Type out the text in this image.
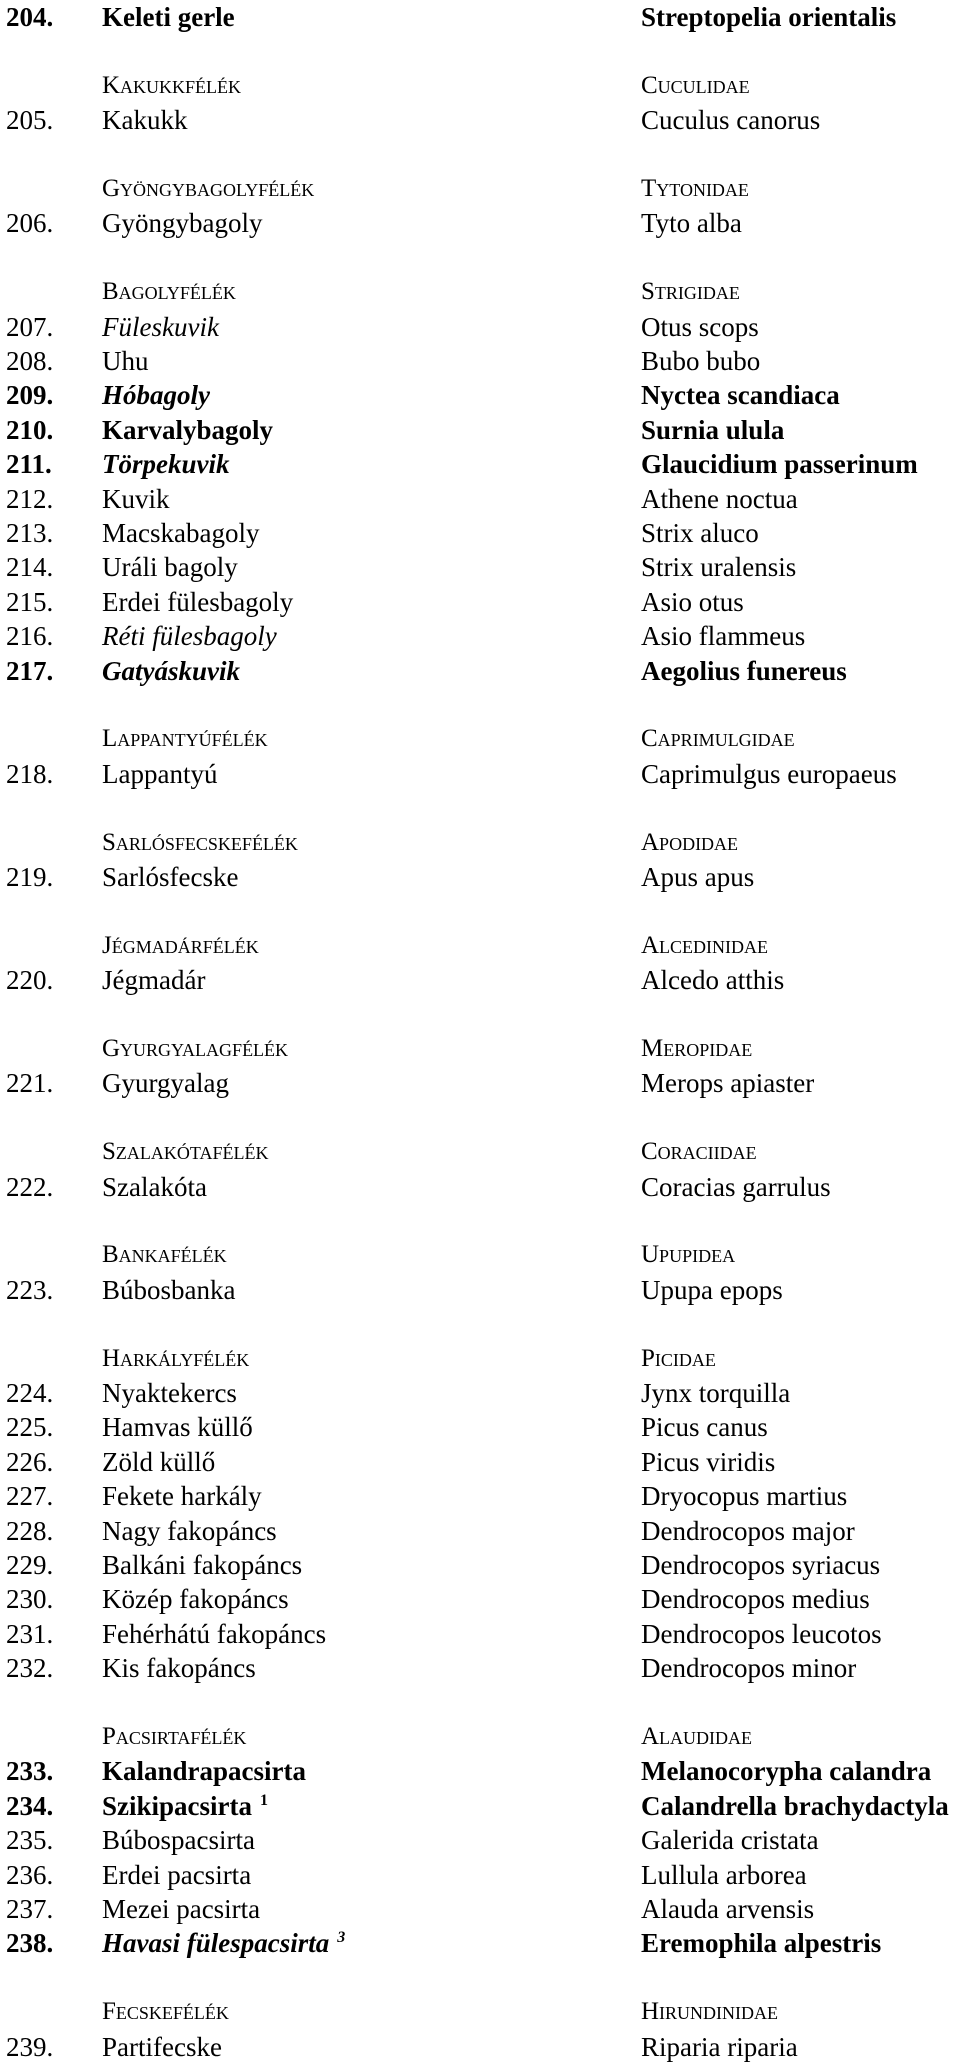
204. Keleti gerle	Streptopelia orientalis
Kakukkfélék	Cuculidae
205. Kakukk	Cuculus canorus
Gyöngybagolyfélék	Tytonidae
206. Gyöngybagoly	Tyto alba
Bagolyfélék	Strigidae
207. Füleskuvik	Otus scops
208. Uhu	Bubo bubo
209. Hóbagoly	Nyctea scandiaca
210. Karvalybagoly	Surnia ulula
211. Törpekuvik	Glaucidium passerinum
212. Kuvik	Athene noctua
213. Macskabagoly	Strix aluco
214. Uráli bagoly	Strix uralensis
215. Erdei fülesbagoly	Asio otus
216. Réti fülesbagoly	Asio flammeus
217. Gatyáskuvik	Aegolius funereus
Lappantyúfélék	Caprimulgidae
218. Lappantyú	Caprimulgus europaeus
Sarlósfecskefélék	Apodidae
219. Sarlósfecske	Apus apus
Jégmadárfélék	Alcedinidae
220. Jégmadár	Alcedo atthis
Gyurgyalagfélék	Meropidae
221. Gyurgyalag	Merops apiaster
Szalakótafélék	Coraciidae
222. Szalakóta	Coracias garrulus
Bankafélék	Upupidea
223. Búbosbanka	Upupa epops
Harkályfélék	Picidae
224. Nyaktekercs	Jynx torquilla
225. Hamvas küllő	Picus canus
226. Zöld küllő	Picus viridis
227. Fekete harkály	Dryocopus martius
228. Nagy fakopáncs	Dendrocopos major
229. Balkáni fakopáncs	Dendrocopos syriacus
230. Közép fakopáncs	Dendrocopos medius
231. Fehérhátú fakopáncs	Dendrocopos leucotos
232. Kis fakopáncs	Dendrocopos minor
Pacsirtafélék	Alaudidae
233. Kalandrapacsirta	Melanocorypha calandra
234. Szikipacsirta $^1$	Calandrella brachydactyla
235. Búbospacsirta	Galerida cristata
236. Erdei pacsirta	Lullula arborea
237. Mezei pacsirta	Alauda arvensis
238. Havasi fülespacsirta $^3$	Eremophila alpestris
Fecskefélék	Hirundinidae
239. Partifecske	Riparia riparia
